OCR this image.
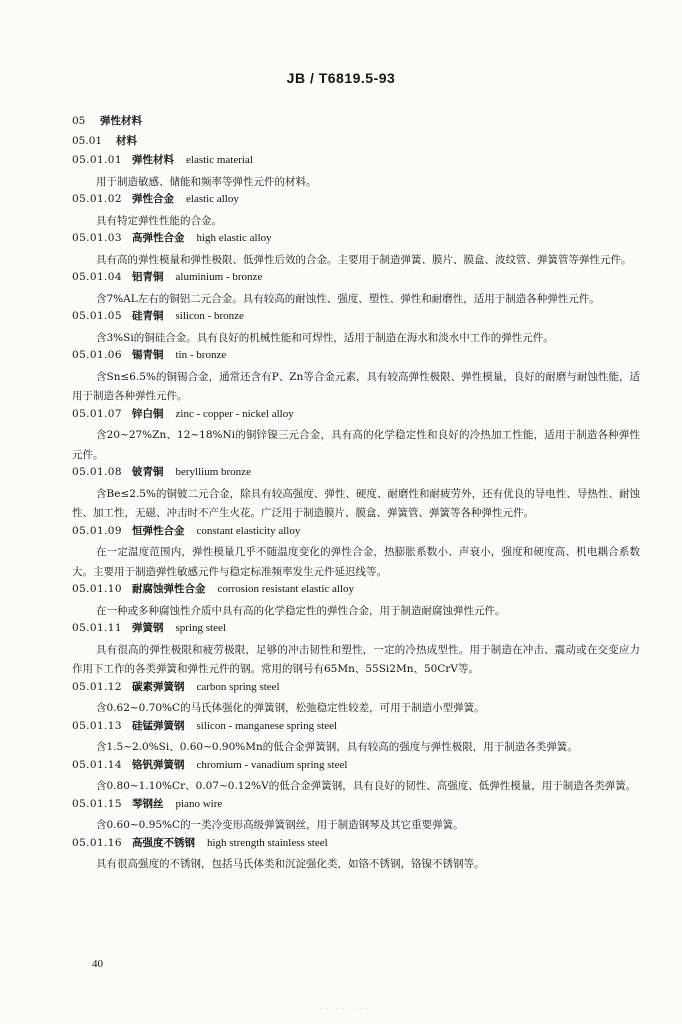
JB / T6819.5-93
05 弹性材料
05.01 材料
05.01.01 弹性材料 elastic material

用于制造敏感、储能和频率等弹性元件的材料。

05.01.02 弹性合金 elastic alloy

具有特定弹性性能的合金。

05.01.03 高弹性合金 high elastic alloy

具有高的弹性模量和弹性极限、低弹性后效的合金。主要用于制造弹簧、膜片、膜盒、波纹管、弹簧管等弹性元件。

05.01.04 铝青铜 aluminium - bronze

含7%AL左右的铜铝二元合金。具有较高的耐蚀性、强度、塑性、弹性和耐磨性，适用于制造各种弹性元件。

05.01.05 硅青铜 silicon - bronze

含3%Si的铜硅合金。具有良好的机械性能和可焊性，适用于制造在海水和淡水中工作的弹性元件。

05.01.06 锡青铜 tin - bronze

含Sn≤6.5%的铜锡合金，通常还含有P、Zn等合金元素，具有较高弹性极限、弹性模量，良好的耐磨与耐蚀性能，适用于制造各种弹性元件。

05.01.07 锌白铜 zinc - copper - nickel alloy

含20~27%Zn、12~18%Ni的铜锌镍三元合金，具有高的化学稳定性和良好的冷热加工性能，适用于制造各种弹性元件。

05.01.08 铍青铜 beryllium bronze

含Be≤2.5%的铜铍二元合金，除具有较高强度、弹性、硬度、耐磨性和耐疲劳外，还有优良的导电性、导热性、耐蚀性、加工性，无磁、冲击时不产生火花。广泛用于制造膜片、膜盒、弹簧管、弹簧等各种弹性元件。

05.01.09 恒弹性合金 constant elasticity alloy

在一定温度范围内，弹性模量几乎不随温度变化的弹性合金，热膨胀系数小、声衰小，强度和硬度高、机电耦合系数大。主要用于制造弹性敏感元件与稳定标准频率发生元件延迟线等。

05.01.10 耐腐蚀弹性合金 corrosion resistant elastic alloy

在一种或多种腐蚀性介质中具有高的化学稳定性的弹性合金，用于制造耐腐蚀弹性元件。

05.01.11 弹簧钢 spring steel

具有很高的弹性极限和疲劳极限，足够的冲击韧性和塑性，一定的冷热成型性。用于制造在冲击、震动或在交变应力作用下工作的各类弹簧和弹性元件的钢。常用的钢号有65Mn、55Si2Mn、50CrV等。

05.01.12 碳素弹簧钢 carbon spring steel

含0.62~0.70%C的马氏体强化的弹簧钢，松弛稳定性较差，可用于制造小型弹簧。

05.01.13 硅锰弹簧钢 silicon - manganese spring steel

含1.5~2.0%Si、0.60~0.90%Mn的低合金弹簧钢，具有较高的强度与弹性极限，用于制造各类弹簧。

05.01.14 铬钒弹簧钢 chromium - vanadium spring steel

含0.80~1.10%Cr、0.07~0.12%V的低合金弹簧钢，具有良好的韧性、高强度、低弹性模量，用于制造各类弹簧。

05.01.15 琴钢丝 piano wire

含0.60~0.95%C的一类冷变形高级弹簧钢丝，用于制造钢琴及其它重要弹簧。

05.01.16 高强度不锈钢 high strength stainless steel

具有很高强度的不锈钢，包括马氏体类和沉淀强化类，如铬不锈钢，铬镍不锈钢等。

40
· · · · · · · · · ·
